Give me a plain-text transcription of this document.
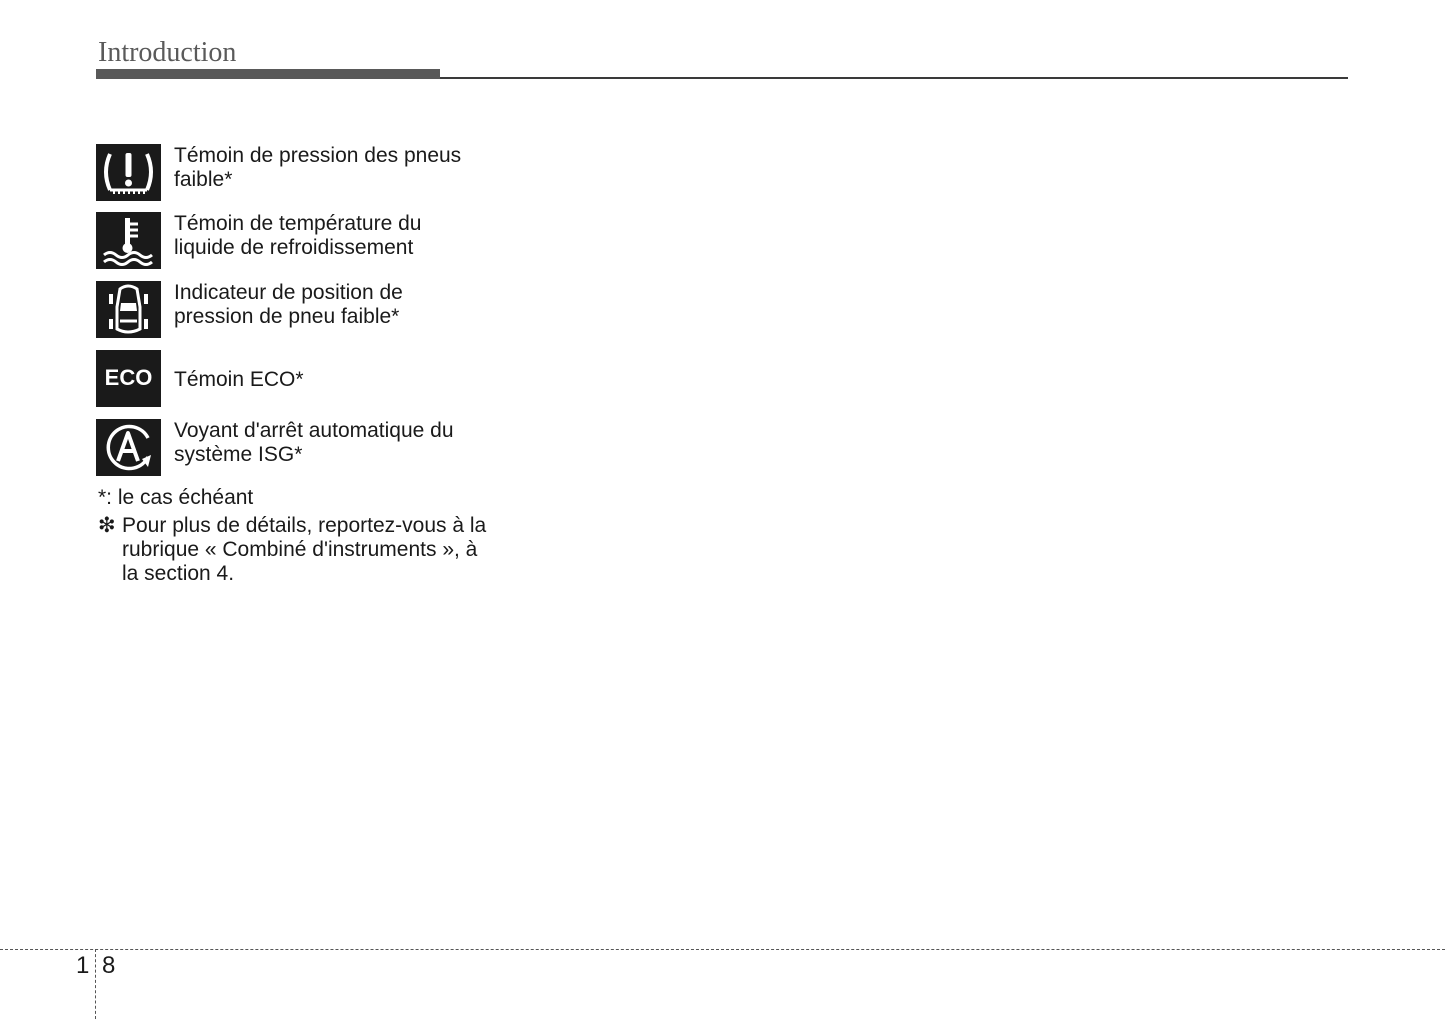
Introduction
Témoin de pression des pneus
faible*
Témoin de température du
liquide de refroidissement
Indicateur de position de
pression de pneu faible*
ECO Témoin ECO*
Voyant d'arrêt automatique du
système ISG*
*: le cas échéant
❇ Pour plus de détails, reportez-vous à la rubrique « Combiné d'instruments », à la section 4.
1 8
